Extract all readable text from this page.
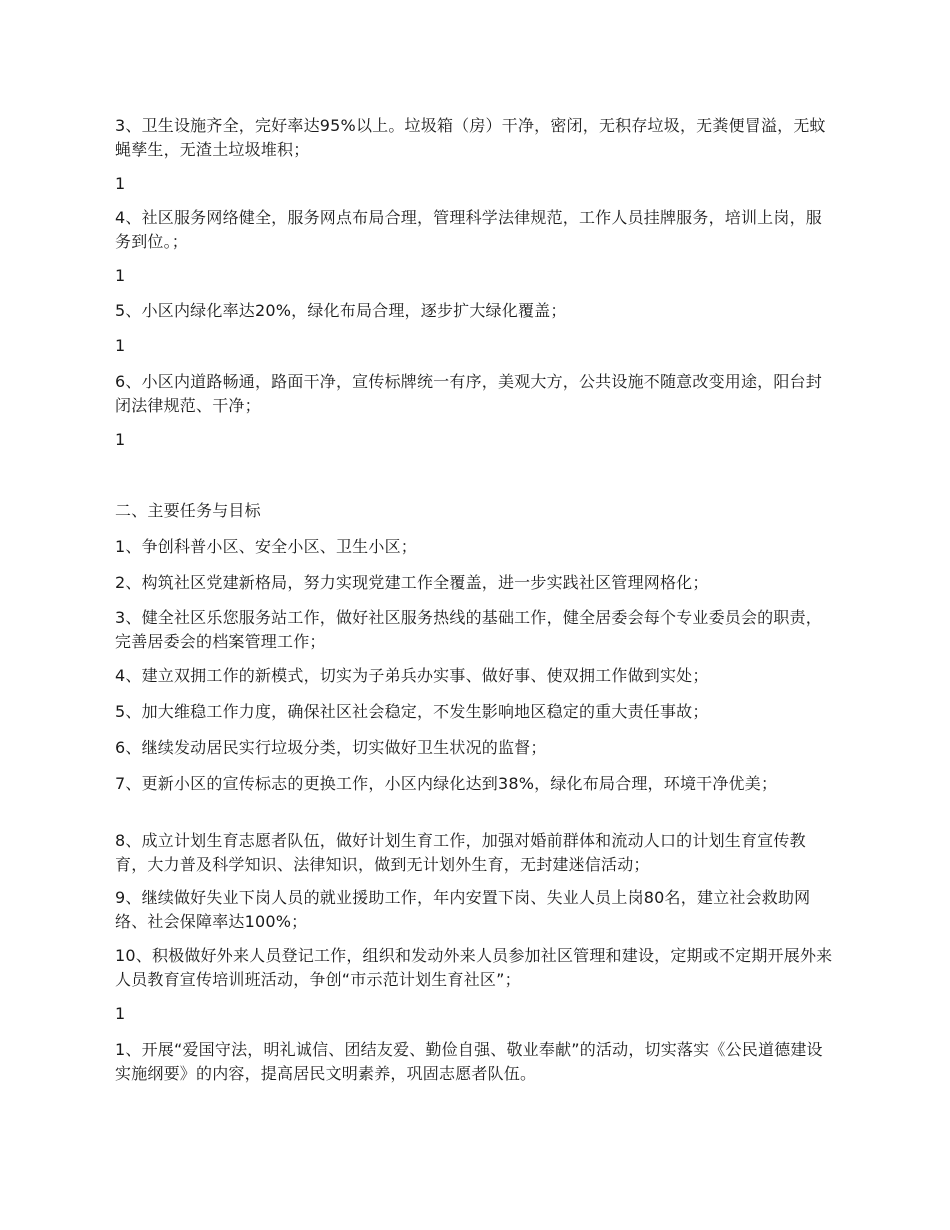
3、卫生设施齐全，完好率达95%以上。垃圾箱（房）干净，密闭，无积存垃圾，无粪便冒溢，无蚊蝇孳生，无渣土垃圾堆积；

1

4、社区服务网络健全，服务网点布局合理，管理科学法律规范，工作人员挂牌服务，培训上岗，服务到位。；

1

5、小区内绿化率达20%，绿化布局合理，逐步扩大绿化覆盖；

1

6、小区内道路畅通，路面干净，宣传标牌统一有序，美观大方，公共设施不随意改变用途，阳台封闭法律规范、干净；

1

二、主要任务与目标

1、争创科普小区、安全小区、卫生小区；

2、构筑社区党建新格局，努力实现党建工作全覆盖，进一步实践社区管理网格化；

3、健全社区乐您服务站工作，做好社区服务热线的基础工作，健全居委会每个专业委员会的职责，完善居委会的档案管理工作；

4、建立双拥工作的新模式，切实为子弟兵办实事、做好事、使双拥工作做到实处；

5、加大维稳工作力度，确保社区社会稳定，不发生影响地区稳定的重大责任事故；

6、继续发动居民实行垃圾分类，切实做好卫生状况的监督；

7、更新小区的宣传标志的更换工作，小区内绿化达到38%，绿化布局合理，环境干净优美；

8、成立计划生育志愿者队伍，做好计划生育工作，加强对婚前群体和流动人口的计划生育宣传教育，大力普及科学知识、法律知识，做到无计划外生育，无封建迷信活动；

9、继续做好失业下岗人员的就业援助工作，年内安置下岗、失业人员上岗80名，建立社会救助网络、社会保障率达100%；

10、积极做好外来人员登记工作，组织和发动外来人员参加社区管理和建设，定期或不定期开展外来人员教育宣传培训班活动，争创“市示范计划生育社区”；

1

1、开展“爱国守法，明礼诚信、团结友爱、勤俭自强、敬业奉献”的活动，切实落实《公民道德建设实施纲要》的内容，提高居民文明素养，巩固志愿者队伍。
